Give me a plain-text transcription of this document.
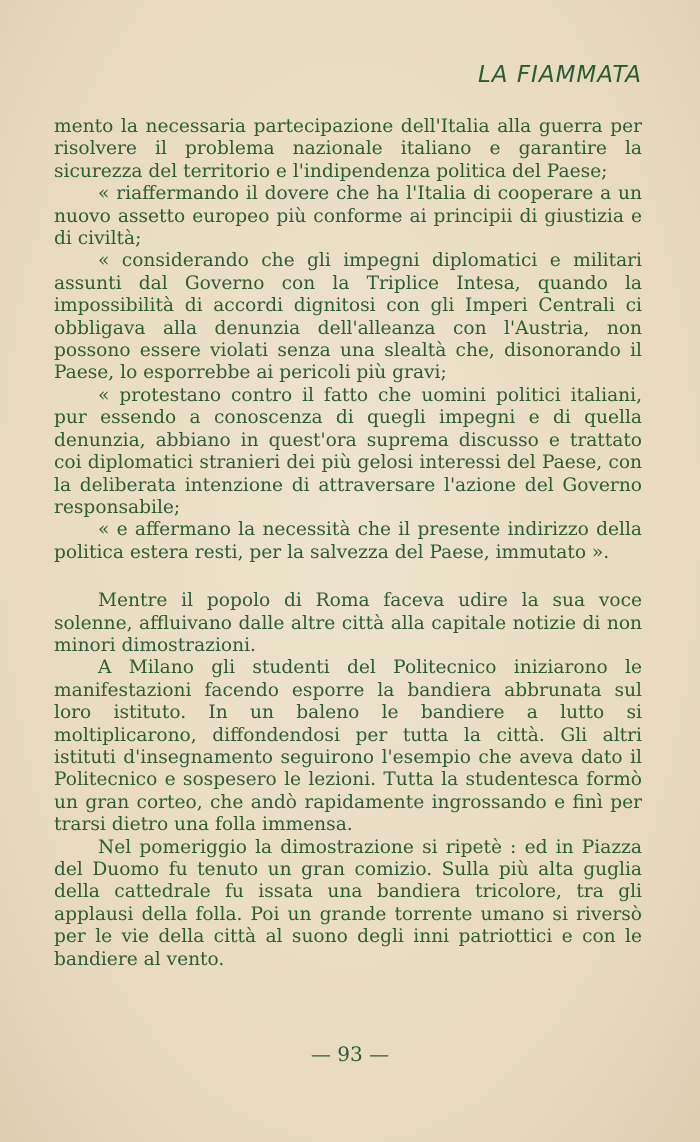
LA FIAMMATA

mento la necessaria partecipazione dell'Italia alla guerra per risolvere il problema nazionale italiano e garantire la sicurezza del territorio e l'indipendenza politica del Paese;

« riaffermando il dovere che ha l'Italia di cooperare a un nuovo assetto europeo più conforme ai principii di giustizia e di civiltà;

« considerando che gli impegni diplomatici e militari assunti dal Governo con la Triplice Intesa, quando la impossibilità di accordi dignitosi con gli Imperi Centrali ci obbligava alla denunzia dell'alleanza con l'Austria, non possono essere violati senza una slealtà che, disonorando il Paese, lo esporrebbe ai pericoli più gravi;

« protestano contro il fatto che uomini politici italiani, pur essendo a conoscenza di quegli impegni e di quella denunzia, abbiano in quest'ora suprema discusso e trattato coi diplomatici stranieri dei più gelosi interessi del Paese, con la deliberata intenzione di attraversare l'azione del Governo responsabile;

« e affermano la necessità che il presente indirizzo della politica estera resti, per la salvezza del Paese, immutato ».

Mentre il popolo di Roma faceva udire la sua voce solenne, affluivano dalle altre città alla capitale notizie di non minori dimostrazioni.

A Milano gli studenti del Politecnico iniziarono le manifestazioni facendo esporre la bandiera abbrunata sul loro istituto. In un baleno le bandiere a lutto si moltiplicarono, diffondendosi per tutta la città. Gli altri istituti d'insegnamento seguirono l'esempio che aveva dato il Politecnico e sospesero le lezioni. Tutta la studentesca formò un gran corteo, che andò rapidamente ingrossando e finì per trarsi dietro una folla immensa.

Nel pomeriggio la dimostrazione si ripetè : ed in Piazza del Duomo fu tenuto un gran comizio. Sulla più alta guglia della cattedrale fu issata una bandiera tricolore, tra gli applausi della folla. Poi un grande torrente umano si riversò per le vie della città al suono degli inni patriottici e con le bandiere al vento.

— 93 —
